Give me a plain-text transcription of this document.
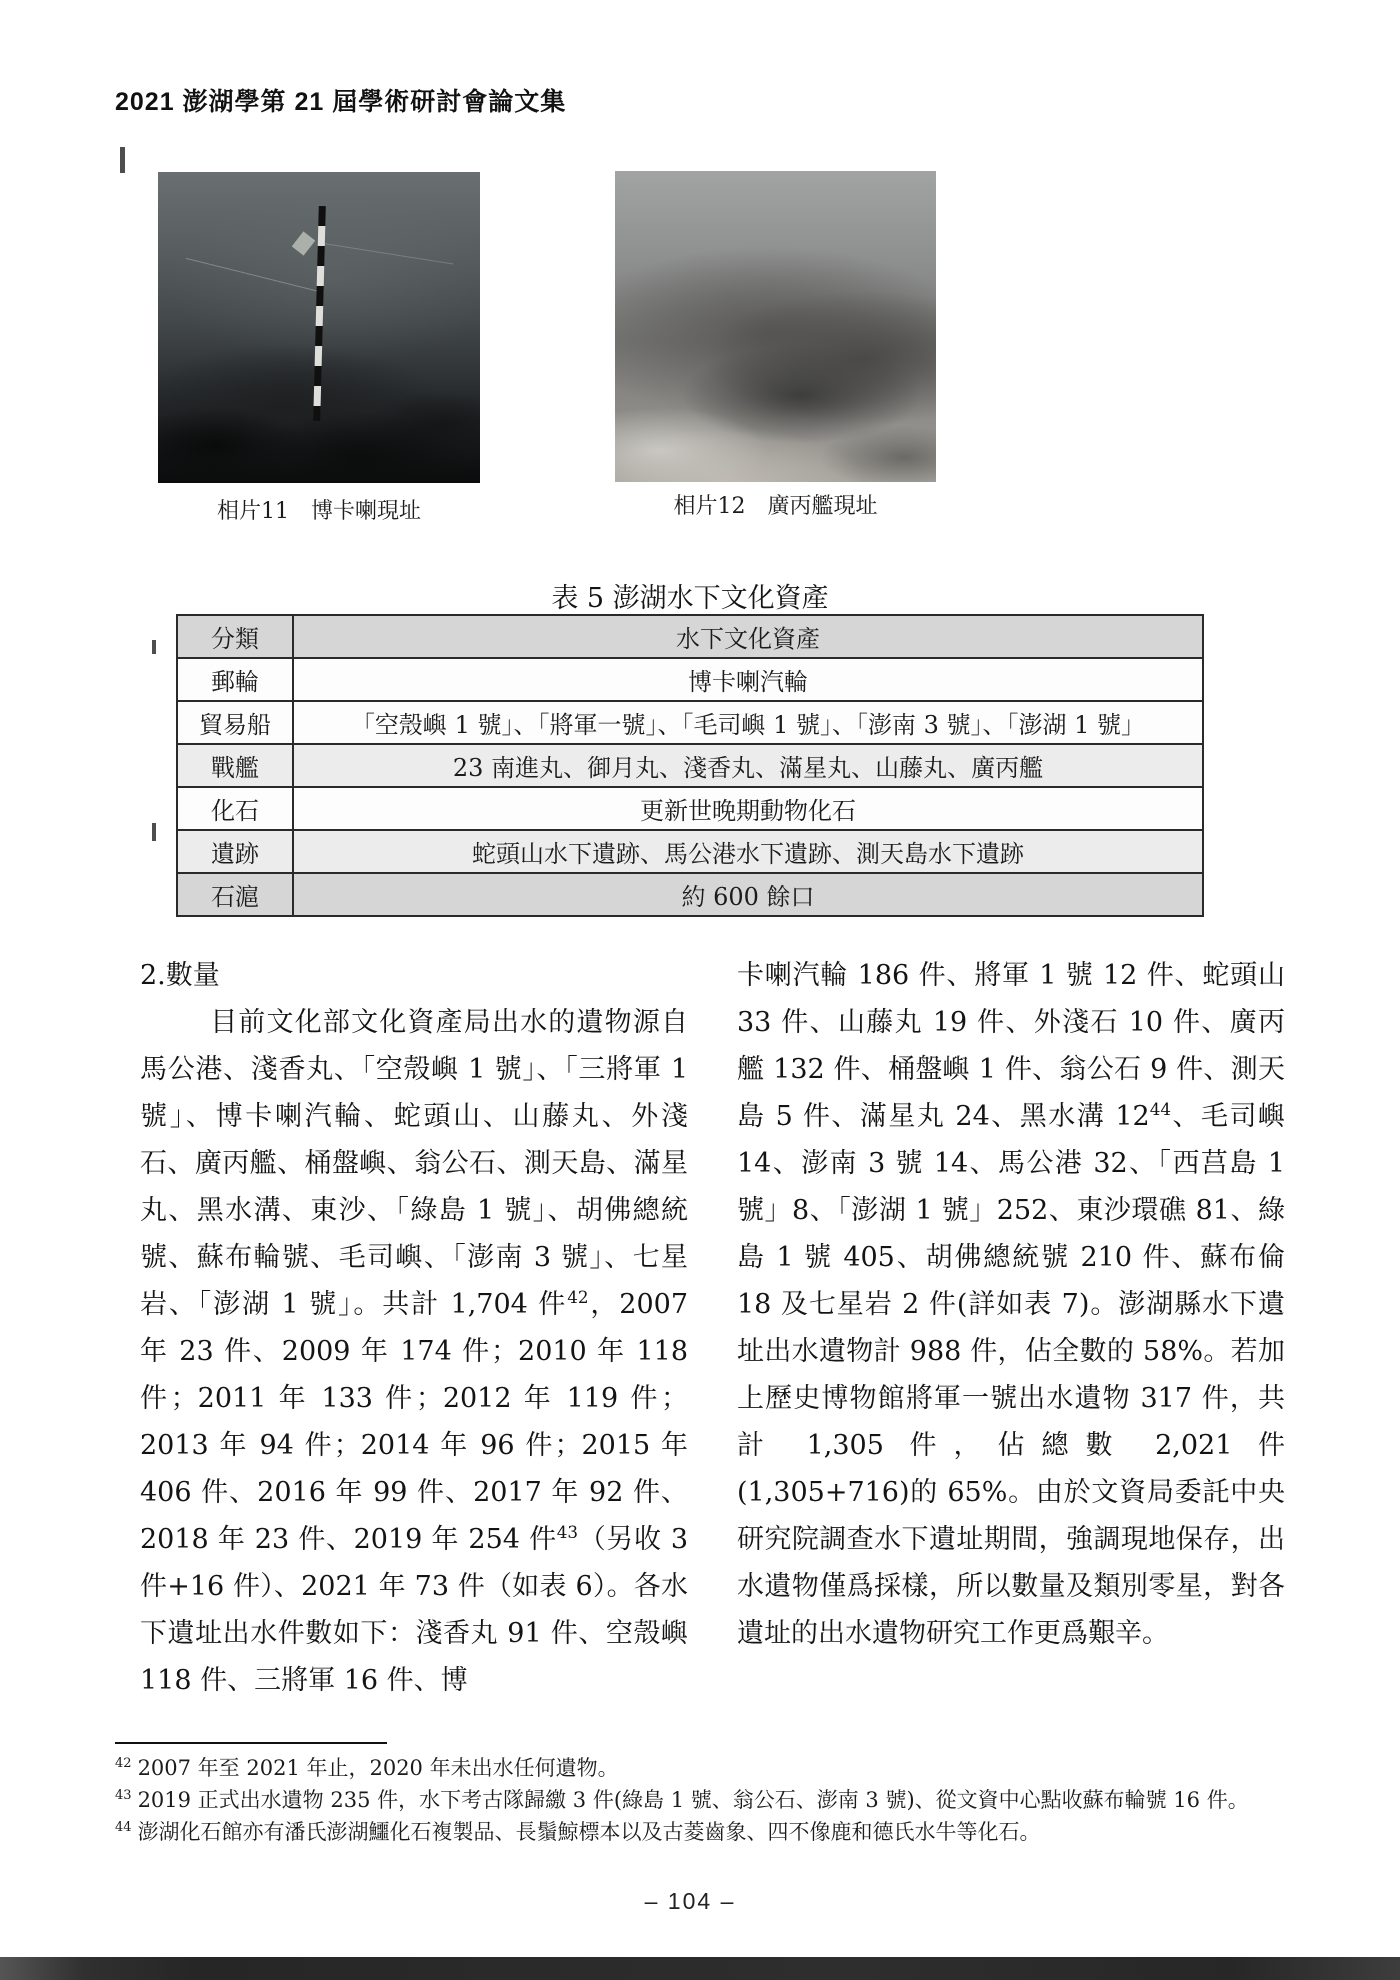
2021 澎湖學第 21 屆學術研討會論文集
相片11　博卡喇現址	相片12　廣丙艦現址
表 5 澎湖水下文化資產
分類	水下文化資產
郵輪	博卡喇汽輪
貿易船	「空殼嶼 1 號」、「將軍一號」、「毛司嶼 1 號」、「澎南 3 號」、「澎湖 1 號」
戰艦	23 南進丸、御月丸、淺香丸、滿星丸、山藤丸、廣丙艦
化石	更新世晚期動物化石
遺跡	蛇頭山水下遺跡、馬公港水下遺跡、測天島水下遺跡
石滬	約 600 餘口

2.數量

目前文化部文化資產局出水的遺物源自馬公港、淺香丸、「空殼嶼 1 號」、「三將軍 1 號」、博卡喇汽輪、蛇頭山、山藤丸、外淺石、廣丙艦、桶盤嶼、翁公石、測天島、滿星丸、黑水溝、東沙、「綠島 1 號」、胡佛總統號、蘇布輪號、毛司嶼、「澎南 3 號」、七星岩、「澎湖 1 號」。共計 1,704 件$^{42}$，2007 年 23 件、2009 年 174 件；2010 年 118 件；2011 年 133 件；2012 年 119 件；2013 年 94 件；2014 年 96 件；2015 年 406 件、2016 年 99 件、2017 年 92 件、2018 年 23 件、2019 年 254 件$^{43}$（另收 3 件+16 件）、2021 年 73 件（如表 6）。各水下遺址出水件數如下：淺香丸 91 件、空殼嶼 118 件、三將軍 16 件、博

卡喇汽輪 186 件、將軍 1 號 12 件、蛇頭山 33 件、山藤丸 19 件、外淺石 10 件、廣丙艦 132 件、桶盤嶼 1 件、翁公石 9 件、測天島 5 件、滿星丸 24、黑水溝 $12^{44}$、毛司嶼 14、澎南 3 號 14、馬公港 32、「西莒島 1 號」8、「澎湖 1 號」252、東沙環礁 81、綠島 1 號 405、胡佛總統號 210 件、蘇布倫 18 及七星岩 2 件(詳如表 7)。澎湖縣水下遺址出水遺物計 988 件，佔全數的 58%。若加上歷史博物館將軍一號出水遺物 317 件，共計 1,305 件，佔總數 2,021 件(1,305+716)的 65%。由於文資局委託中央研究院調查水下遺址期間，強調現地保存，出水遺物僅爲採樣，所以數量及類別零星，對各遺址的出水遺物研究工作更爲艱辛。

$^{42}$ 2007 年至 2021 年止，2020 年未出水任何遺物。
$^{43}$ 2019 正式出水遺物 235 件，水下考古隊歸繳 3 件(綠島 1 號、翁公石、澎南 3 號)、從文資中心點收蘇布輪號 16 件。
$^{44}$ 澎湖化石館亦有潘氏澎湖鱷化石複製品、長鬚鯨標本以及古菱齒象、四不像鹿和德氏水牛等化石。
– 104 –
